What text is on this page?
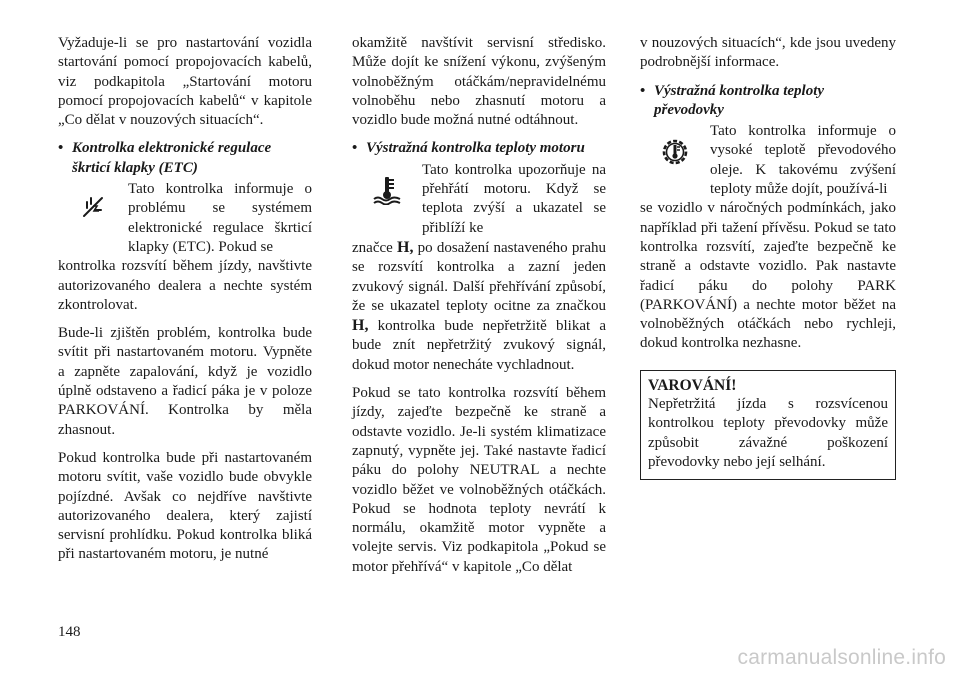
Vyžaduje-li se pro nastartování vozidla startování pomocí propojovacích kabelů, viz podkapitola „Startování motoru pomocí propojovacích kabelů“ v kapitole „Co dělat v nouzových situacích“.

• Kontrolka elektronické regulace škrticí klapky (ETC)
Tato kontrolka informuje o problému se systémem elektronické regulace škrticí klapky (ETC). Pokud se

kontrolka rozsvítí během jízdy, navštivte autorizovaného dealera a nechte systém zkontrolovat.

Bude-li zjištěn problém, kontrolka bude svítit při nastartovaném motoru. Vypněte a zapněte zapalování, když je vozidlo úplně odstaveno a řadicí páka je v poloze PARKOVÁNÍ. Kontrolka by měla zhasnout.

Pokud kontrolka bude při nastartovaném motoru svítit, vaše vozidlo bude obvykle pojízdné. Avšak co nejdříve navštivte autorizovaného dealera, který zajistí servisní prohlídku. Pokud kontrolka bliká při nastartovaném motoru, je nutné

okamžitě navštívit servisní středisko. Může dojít ke snížení výkonu, zvýšeným volnoběžným otáčkám/nepravidelnému volnoběhu nebo zhasnutí motoru a vozidlo bude možná nutné odtáhnout.

• Výstražná kontrolka teploty motoru
Tato kontrolka upozorňuje na přehřátí motoru. Když se teplota zvýší a ukazatel se přiblíží ke

značce H, po dosažení nastaveného prahu se rozsvítí kontrolka a zazní jeden zvukový signál. Další přehřívání způsobí, že se ukazatel teploty ocitne za značkou H, kontrolka bude nepřetržitě blikat a bude znít nepřetržitý zvukový signál, dokud motor nenecháte vychladnout.

Pokud se tato kontrolka rozsvítí během jízdy, zajeďte bezpečně ke straně a odstavte vozidlo. Je-li systém klimatizace zapnutý, vypněte jej. Také nastavte řadicí páku do polohy NEUTRAL a nechte vozidlo běžet ve volnoběžných otáčkách. Pokud se hodnota teploty nevrátí k normálu, okamžitě motor vypněte a volejte servis. Viz podkapitola „Pokud se motor přehřívá“ v kapitole „Co dělat

v nouzových situacích“, kde jsou uvedeny podrobnější informace.

• Výstražná kontrolka teploty převodovky
Tato kontrolka informuje o vysoké teplotě převodového oleje. K takovému zvýšení teploty může dojít, používá-li

se vozidlo v náročných podmínkách, jako například při tažení přívěsu. Pokud se tato kontrolka rozsvítí, zajeďte bezpečně ke straně a odstavte vozidlo. Pak nastavte řadicí páku do polohy PARK (PARKOVÁNÍ) a nechte motor běžet na volnoběžných otáčkách nebo rychleji, dokud kontrolka nezhasne.

VAROVÁNÍ!
Nepřetržitá jízda s rozsvícenou kontrolkou teploty převodovky může způsobit závažné poškození převodovky nebo její selhání.
148
carmanualsonline.info
